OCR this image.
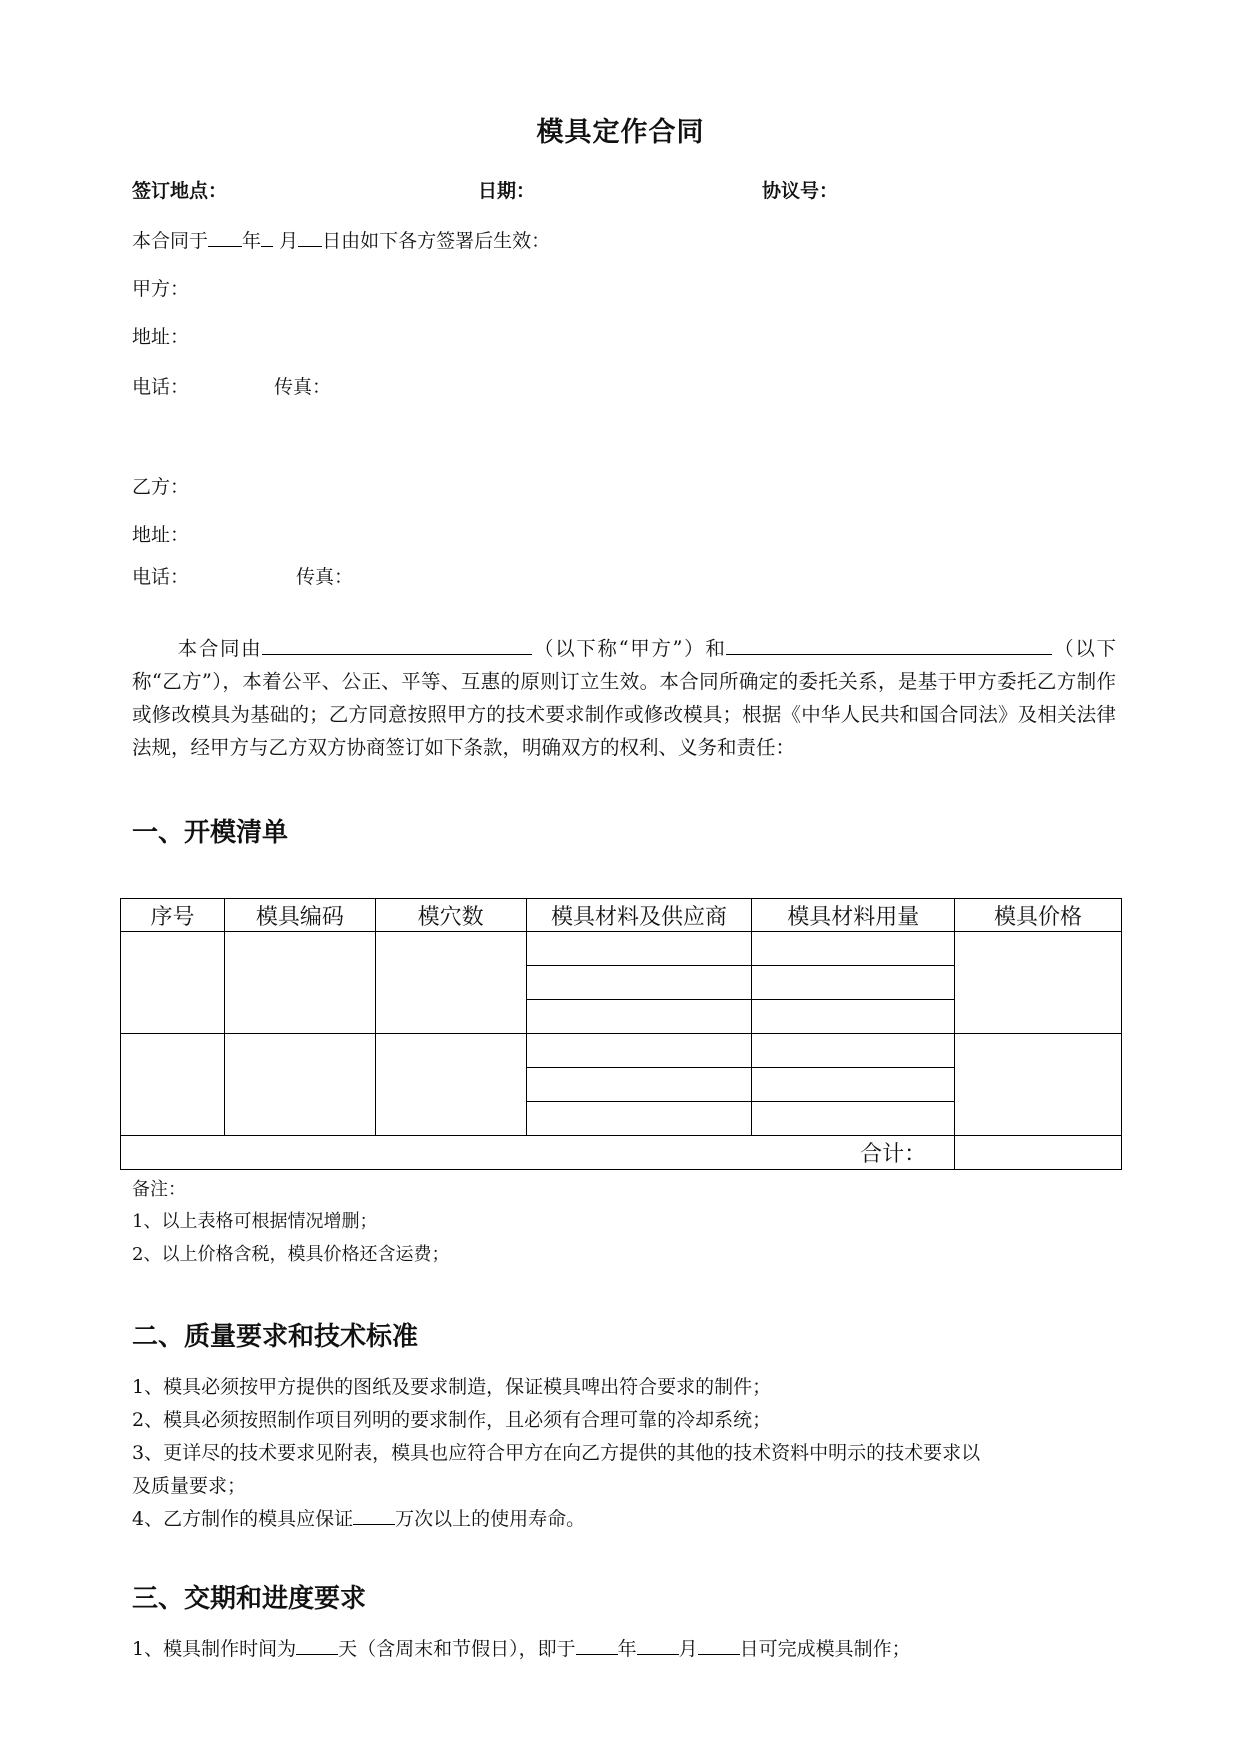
模具定作合同
签订地点：	日期：	协议号：
本合同于 年 月 日由如下各方签署后生效：
甲方：
地址：
电话：	传真：
乙方：
地址：
电话：	传真：
本合同由	（以下称“甲方”）和	（以下称“乙方”），本着公平、公正、平等、互惠的原则订立生效。本合同所确定的委托关系，是基于甲方委托乙方制作或修改模具为基础的；乙方同意按照甲方的技术要求制作或修改模具；根据《中华人民共和国合同法》及相关法律法规，经甲方与乙方双方协商签订如下条款，明确双方的权利、义务和责任：
一、开模清单
序号	模具编码	模穴数	模具材料及供应商	模具材料用量	模具价格

合计：					
备注：
1、以上表格可根据情况增删；
2、以上价格含税，模具价格还含运费；
二、质量要求和技术标准
1、模具必须按甲方提供的图纸及要求制造，保证模具啤出符合要求的制件；
2、模具必须按照制作项目列明的要求制作，且必须有合理可靠的冷却系统；
3、更详尽的技术要求见附表，模具也应符合甲方在向乙方提供的其他的技术资料中明示的技术要求以
及质量要求；
4、乙方制作的模具应保证 万次以上的使用寿命。
三、交期和进度要求
1、模具制作时间为 天（含周末和节假日），即于 年 月 日可完成模具制作；
